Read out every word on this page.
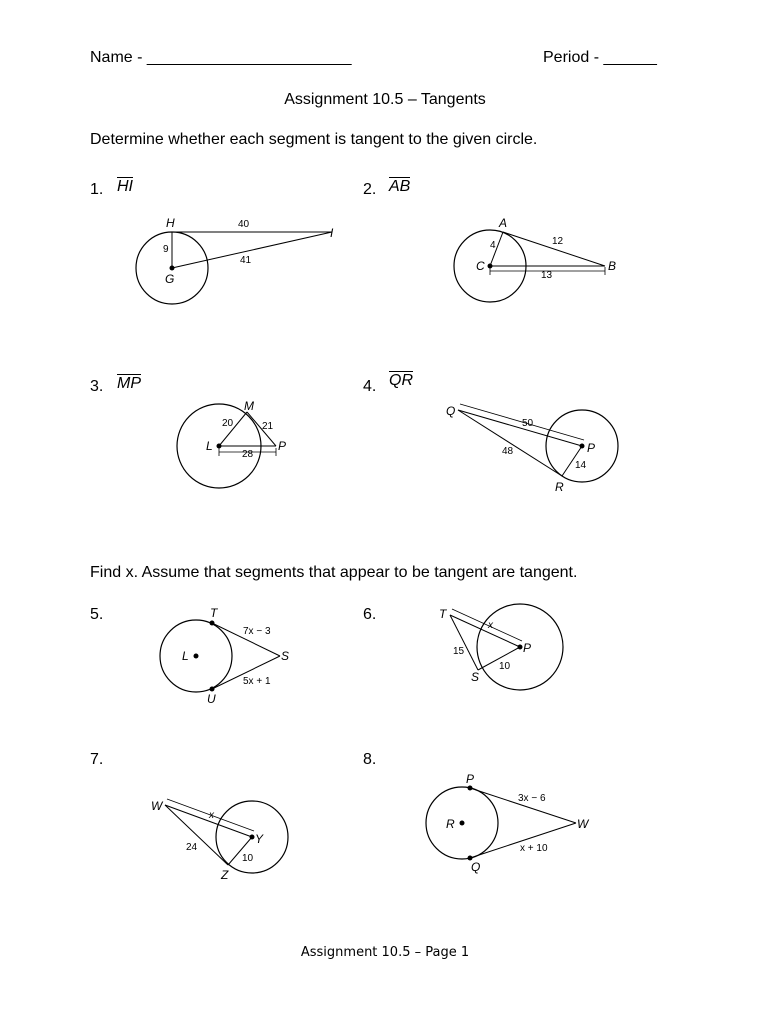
Name - _______________________	Period - ______
Assignment 10.5 – Tangents
Determine whether each segment is tangent to the given circle.
1. HI
H
I
G
40
9
41
2. AB
A
B
C
12
4
13
3. MP
M
L	P
20	21
28
4. QR
Q
P
R
50
48
14
Find x. Assume that segments that appear to be tangent are tangent.
5.	T
L	S
U
7x − 3
5x + 1
6.	T
P
S
x
15
10
7.
W
Y
Z
x
24
10
8.
P
R	W
Q
3x − 6
x + 10
Assignment 10.5 – Page 1
